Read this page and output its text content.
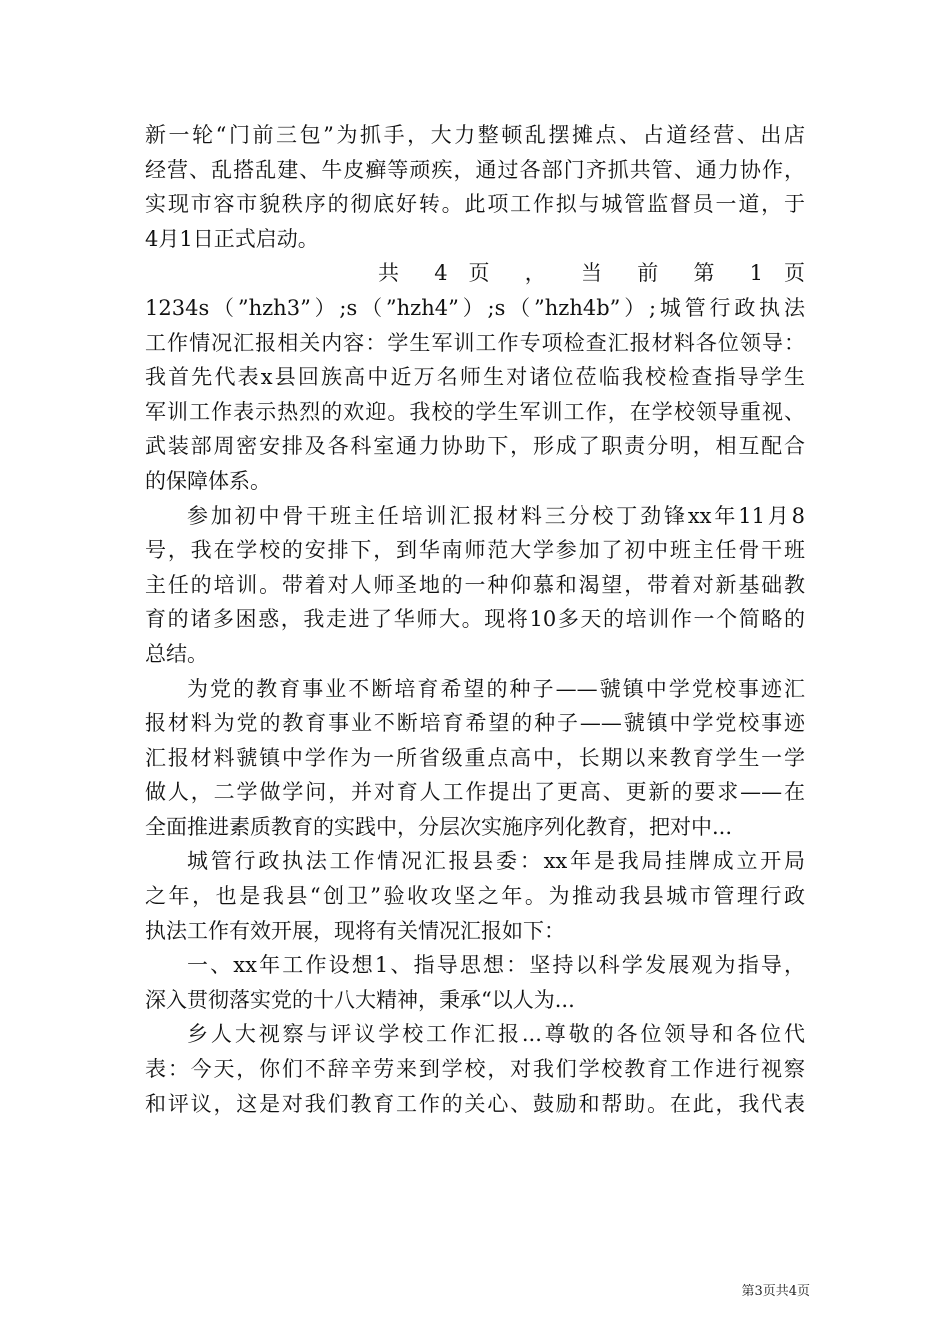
新一轮“门前三包”为抓手，大力整顿乱摆摊点、占道经营、出店
经营、乱搭乱建、牛皮癣等顽疾，通过各部门齐抓共管、通力协作，
实现市容市貌秩序的彻底好转。此项工作拟与城管监督员一道，于
4月1日正式启动。
共 4 页 ， 当 前 第 1 页
1234s（”hzh3”）;s（”hzh4”）;s（”hzh4b”）;城管行政执法
工作情况汇报相关内容：学生军训工作专项检查汇报材料各位领导：
我首先代表x县回族高中近万名师生对诸位莅临我校检查指导学生
军训工作表示热烈的欢迎。我校的学生军训工作，在学校领导重视、
武装部周密安排及各科室通力协助下，形成了职责分明，相互配合
的保障体系。
参加初中骨干班主任培训汇报材料三分校丁劲锋xx年11月8
号，我在学校的安排下，到华南师范大学参加了初中班主任骨干班
主任的培训。带着对人师圣地的一种仰慕和渴望，带着对新基础教
育的诸多困惑，我走进了华师大。现将10多天的培训作一个简略的
总结。
为党的教育事业不断培育希望的种子——虢镇中学党校事迹汇
报材料为党的教育事业不断培育希望的种子——虢镇中学党校事迹
汇报材料虢镇中学作为一所省级重点高中，长期以来教育学生一学
做人，二学做学问，并对育人工作提出了更高、更新的要求——在
全面推进素质教育的实践中，分层次实施序列化教育，把对中...
城管行政执法工作情况汇报县委：xx年是我局挂牌成立开局
之年，也是我县“创卫”验收攻坚之年。为推动我县城市管理行政
执法工作有效开展，现将有关情况汇报如下：
一、xx年工作设想1、指导思想：坚持以科学发展观为指导，
深入贯彻落实党的十八大精神，秉承“以人为...
乡人大视察与评议学校工作汇报...尊敬的各位领导和各位代
表：今天，你们不辞辛劳来到学校，对我们学校教育工作进行视察
和评议，这是对我们教育工作的关心、鼓励和帮助。在此，我代表
第3页共4页
